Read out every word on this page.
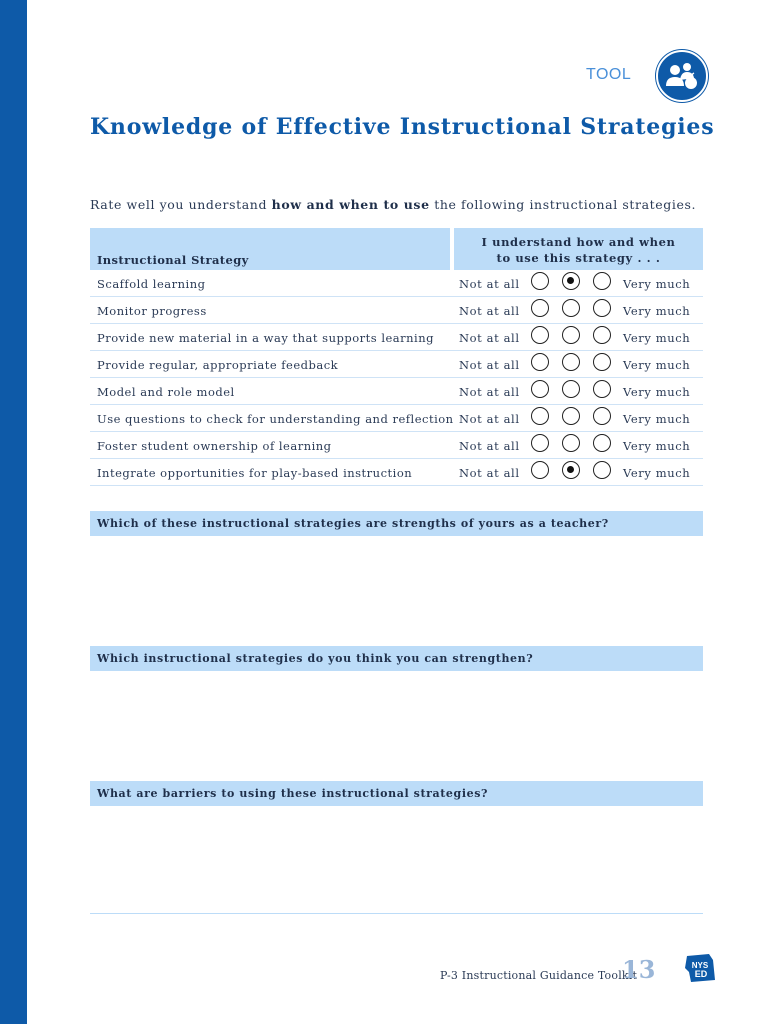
TOOL
Knowledge of Effective Instructional Strategies
Rate well you understand how and when to use the following instructional strategies.
Instructional Strategy
I understand how and when
to use this strategy . . .
Scaffold learning	Not at all	Very much
Monitor progress	Not at all	Very much
Provide new material in a way that supports learning Not at all	Very much
Provide regular, appropriate feedback	Not at all	Very much
Model and role model	Not at all	Very much
Use questions to check for understanding and reflection Not at all	Very much
Foster student ownership of learning	Not at all	Very much
Integrate opportunities for play-based instruction	Not at all	Very much
Which of these instructional strategies are strengths of yours as a teacher?
Which instructional strategies do you think you can strengthen?
What are barriers to using these instructional strategies?
P-3 Instructional Guidance Toolkit
13	NYS
ED
